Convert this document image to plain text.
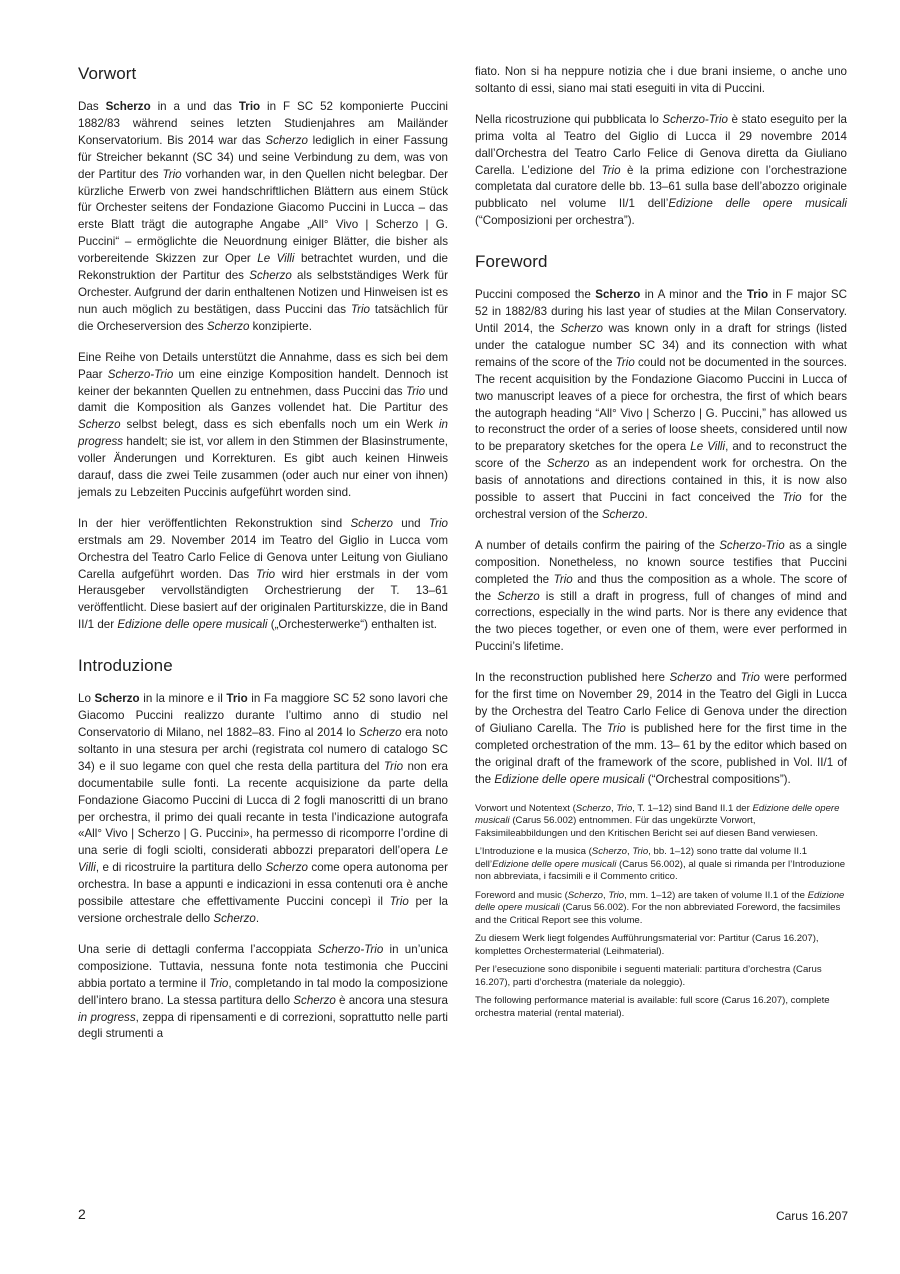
Vorwort

Das Scherzo in a und das Trio in F SC 52 komponierte Puccini 1882/83 während seines letzten Studienjahres am Mailänder Konservatorium. Bis 2014 war das Scherzo lediglich in einer Fassung für Streicher bekannt (SC 34) und seine Verbindung zu dem, was von der Partitur des Trio vorhanden war, in den Quellen nicht belegbar. Der kürzliche Erwerb von zwei handschriftlichen Blättern aus einem Stück für Orchester seitens der Fondazione Giacomo Puccini in Lucca – das erste Blatt trägt die autographe Angabe „All° Vivo | Scherzo | G. Puccini“ – ermöglichte die Neuordnung einiger Blätter, die bisher als vorbereitende Skizzen zur Oper Le Villi betrachtet wurden, und die Rekonstruktion der Partitur des Scherzo als selbstständiges Werk für Orchester. Aufgrund der darin enthaltenen Notizen und Hinweisen ist es nun auch möglich zu bestätigen, dass Puccini das Trio tatsächlich für die Orcheserversion des Scherzo konzipierte.

Eine Reihe von Details unterstützt die Annahme, dass es sich bei dem Paar Scherzo-Trio um eine einzige Komposition handelt. Dennoch ist keiner der bekannten Quellen zu entnehmen, dass Puccini das Trio und damit die Komposition als Ganzes vollendet hat. Die Partitur des Scherzo selbst belegt, dass es sich ebenfalls noch um ein Werk in progress handelt; sie ist, vor allem in den Stimmen der Blasinstrumente, voller Änderungen und Korrekturen. Es gibt auch keinen Hinweis darauf, dass die zwei Teile zusammen (oder auch nur einer von ihnen) jemals zu Lebzeiten Puccinis aufgeführt worden sind.

In der hier veröffentlichten Rekonstruktion sind Scherzo und Trio erstmals am 29. November 2014 im Teatro del Giglio in Lucca vom Orchestra del Teatro Carlo Felice di Genova unter Leitung von Giuliano Carella aufgeführt worden. Das Trio wird hier erstmals in der vom Herausgeber vervollständigten Orchestrierung der T. 13–61 veröffentlicht. Diese basiert auf der originalen Partiturskizze, die in Band II/1 der Edizione delle opere musicali („Orchesterwerke“) enthalten ist.

Introduzione

Lo Scherzo in la minore e il Trio in Fa maggiore SC 52 sono lavori che Giacomo Puccini realizzo durante l’ultimo anno di studio nel Conservatorio di Milano, nel 1882–83. Fino al 2014 lo Scherzo era noto soltanto in una stesura per archi (registrata col numero di catalogo SC 34) e il suo legame con quel che resta della partitura del Trio non era documentabile sulle fonti. La recente acquisizione da parte della Fondazione Giacomo Puccini di Lucca di 2 fogli manoscritti di un brano per orchestra, il primo dei quali recante in testa l’indicazione autografa «All° Vivo | Scherzo | G. Puccini», ha permesso di ricomporre l’ordine di una serie di fogli sciolti, considerati abbozzi preparatori dell’opera Le Villi, e di ricostruire la partitura dello Scherzo come opera autonoma per orchestra. In base a appunti e indicazioni in essa contenuti ora è anche possibile attestare che effettivamente Puccini concepì il Trio per la versione orchestrale dello Scherzo.

Una serie di dettagli conferma l’accoppiata Scherzo-Trio in un’unica composizione. Tuttavia, nessuna fonte nota testimonia che Puccini abbia portato a termine il Trio, completando in tal modo la composizione dell’intero brano. La stessa partitura dello Scherzo è ancora una stesura in progress, zeppa di ripensamenti e di correzioni, soprattutto nelle parti degli strumenti a

fiato. Non si ha neppure notizia che i due brani insieme, o anche uno soltanto di essi, siano mai stati eseguiti in vita di Puccini.

Nella ricostruzione qui pubblicata lo Scherzo-Trio è stato eseguito per la prima volta al Teatro del Giglio di Lucca il 29 novembre 2014 dall’Orchestra del Teatro Carlo Felice di Genova diretta da Giuliano Carella. L’edizione del Trio è la prima edizione con l’orchestrazione completata dal curatore delle bb. 13–61 sulla base dell’abozzo originale pubblicato nel volume II/1 dell’Edizione delle opere musicali (“Composizioni per orchestra”).

Foreword

Puccini composed the Scherzo in A minor and the Trio in F major SC 52 in 1882/83 during his last year of studies at the Milan Conservatory. Until 2014, the Scherzo was known only in a draft for strings (listed under the catalogue number SC 34) and its connection with what remains of the score of the Trio could not be documented in the sources. The recent acquisition by the Fondazione Giacomo Puccini in Lucca of two manuscript leaves of a piece for orchestra, the first of which bears the autograph heading “All° Vivo | Scherzo | G. Puccini,” has allowed us to reconstruct the order of a series of loose sheets, considered until now to be preparatory sketches for the opera Le Villi, and to reconstruct the score of the Scherzo as an independent work for orchestra. On the basis of annotations and directions contained in this, it is now also possible to assert that Puccini in fact conceived the Trio for the orchestral version of the Scherzo.

A number of details confirm the pairing of the Scherzo-Trio as a single composition. Nonetheless, no known source testifies that Puccini completed the Trio and thus the composition as a whole. The score of the Scherzo is still a draft in progress, full of changes of mind and corrections, especially in the wind parts. Nor is there any evidence that the two pieces together, or even one of them, were ever performed in Puccini’s lifetime.

In the reconstruction published here Scherzo and Trio were performed for the first time on November 29, 2014 in the Teatro del Gigli in Lucca by the Orchestra del Teatro Carlo Felice di Genova under the direction of Giuliano Carella. The Trio is published here for the first time in the completed orchestration of the mm. 13– 61 by the editor which based on the original draft of the framework of the score, published in Vol. II/1 of the Edizione delle opere musicali (“Orchestral compositions”).

Vorwort und Notentext (Scherzo, Trio, T. 1–12) sind Band II.1 der Edizione delle opere musicali (Carus 56.002) entnommen. Für das ungekürzte Vorwort, Faksimileabbildungen und den Kritischen Bericht sei auf diesen Band verwiesen.

L’Introduzione e la musica (Scherzo, Trio, bb. 1–12) sono tratte dal volume II.1 dell’Edizione delle opere musicali (Carus 56.002), al quale si rimanda per l’Introduzione non abbreviata, i facsimili e il Commento critico.

Foreword and music (Scherzo, Trio, mm. 1–12) are taken of volume II.1 of the Edizione delle opere musicali (Carus 56.002). For the non abbreviated Foreword, the facsimiles and the Critical Report see this volume.

Zu diesem Werk liegt folgendes Aufführungsmaterial vor: Partitur (Carus 16.207), komplettes Orchestermaterial (Leihmaterial).

Per l’esecuzione sono disponibile i seguenti materiali: partitura d’orchestra (Carus 16.207), parti d’orchestra (materiale da noleggio).

The following performance material is available: full score (Carus 16.207), complete orchestra material (rental material).

2	Carus 16.207
